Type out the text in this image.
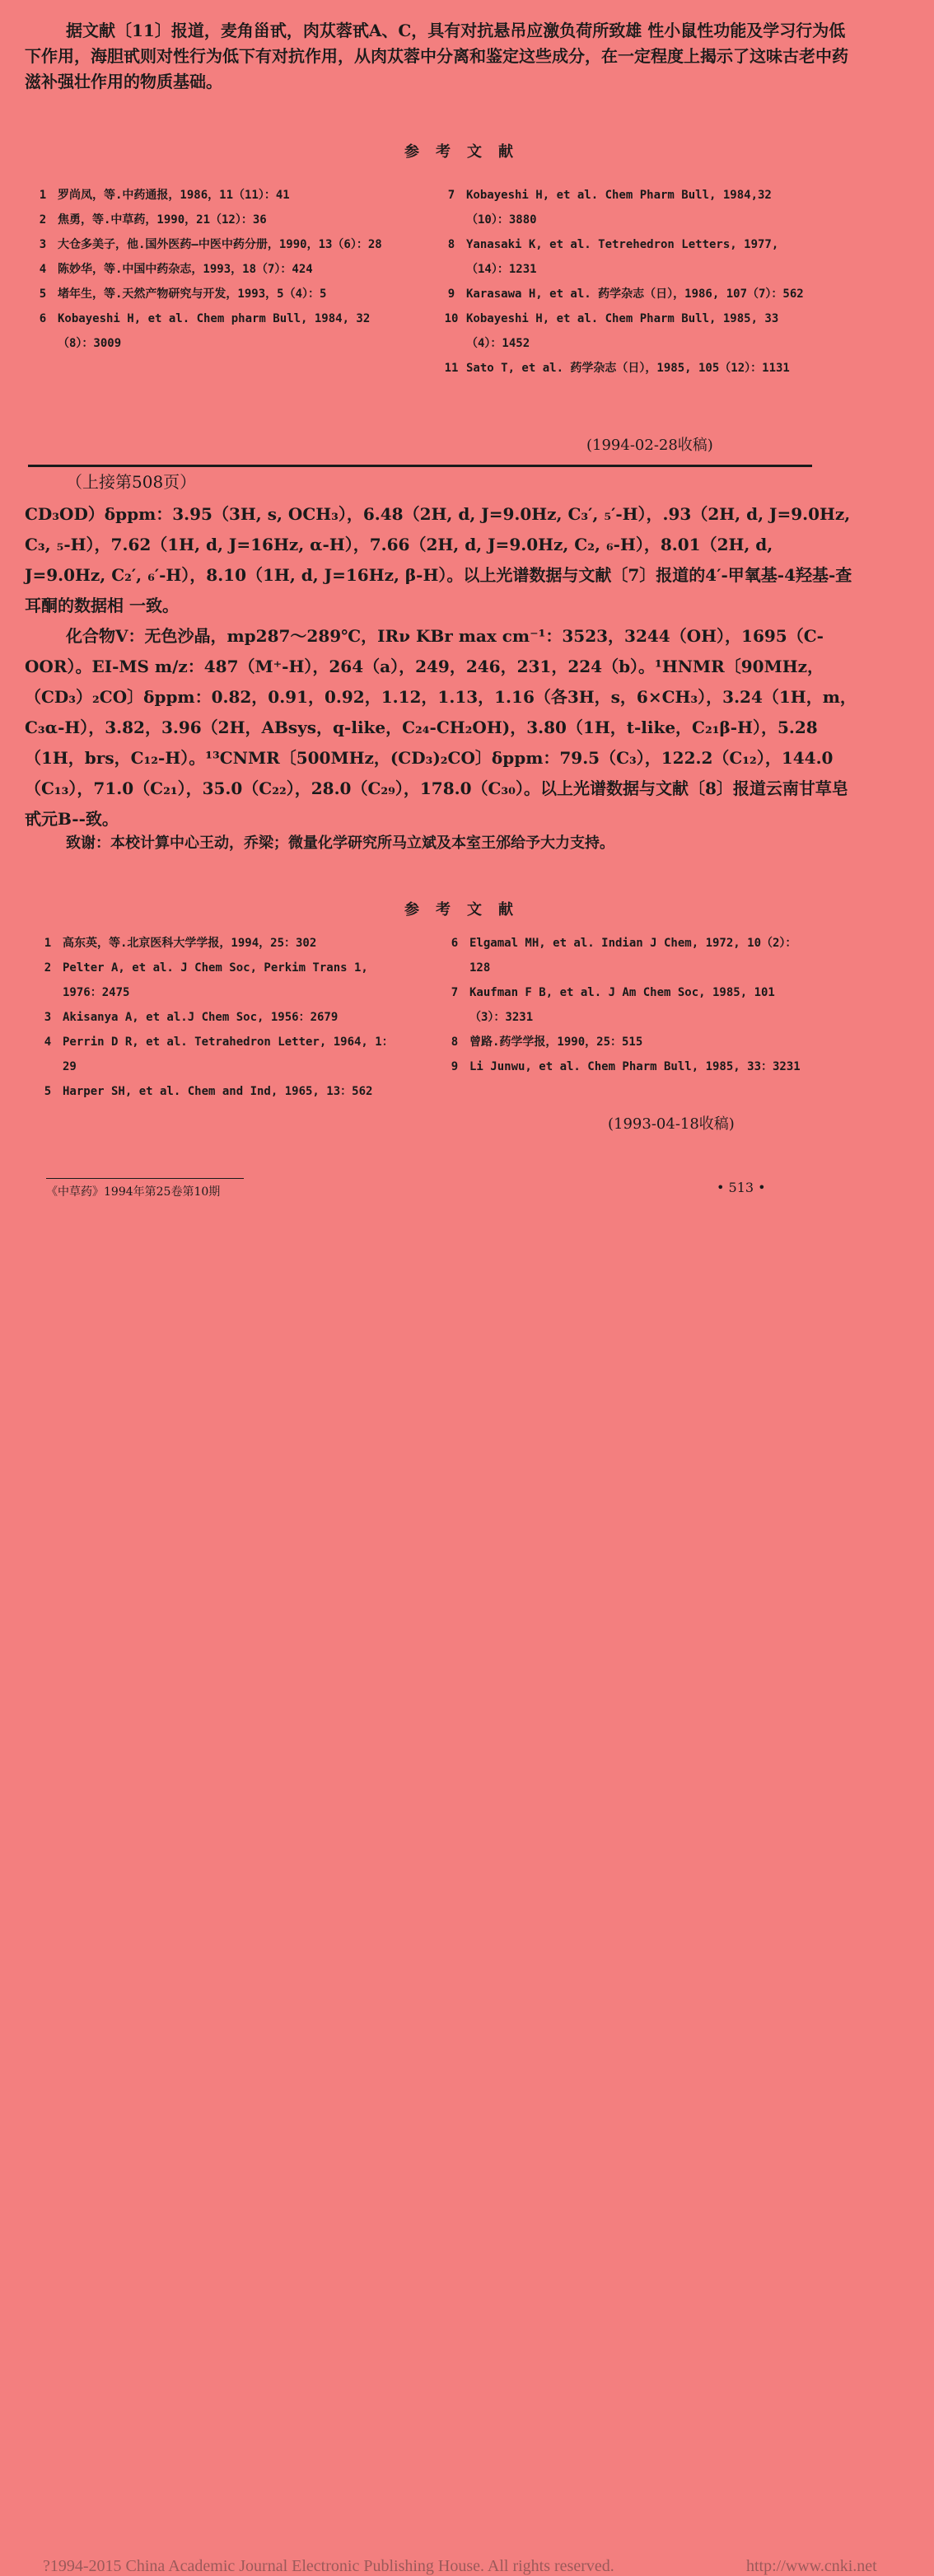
据文献〔11〕报道，麦角甾甙，肉苁蓉甙A、C，具有对抗悬吊应激负荷所致雄 性小鼠性功能及学习行为低下作用，海胆甙则对性行为低下有对抗作用，从肉苁蓉中分离和鉴定这些成分，在一定程度上揭示了这味古老中药滋补强壮作用的物质基础。
参考文献
1 罗尚凤，等.中药通报，1986，11（11）：41
2 焦勇，等.中草药，1990，21（12）：36
3 大仓多美子，他.国外医药—中医中药分册，1990，13（6）：28
4 陈妙华，等.中国中药杂志，1993，18（7）：424
5 堵年生，等.天然产物研究与开发，1993，5（4）：5
6 Kobayeshi H, et al. Chem pharm Bull, 1984, 32（8）：3009
7 Kobayeshi H, et al. Chem Pharm Bull, 1984,32（10）：3880
8 Yanasaki K, et al. Tetrehedron Letters, 1977, （14）：1231
9 Karasawa H, et al. 药学杂志（日），1986, 107（7）：562
10 Kobayeshi H, et al. Chem Pharm Bull, 1985, 33（4）：1452
11 Sato T, et al. 药学杂志（日），1985, 105（12）：1131
(1994-02-28收稿)
（上接第508页）
CD₃OD）δppm：3.95（3H, s, OCH₃），6.48（2H, d, J=9.0Hz, C₃′, ₅′-H），.93（2H, d, J=9.0Hz, C₃, ₅-H），7.62（1H, d, J=16Hz, α-H），7.66（2H, d, J=9.0Hz, C₂, ₆-H），8.01（2H, d, J=9.0Hz, C₂′, ₆′-H），8.10（1H, d, J=16Hz, β-H）。以上光谱数据与文献〔7〕报道的4′-甲氧基-4羟基-查耳酮的数据相 一致。
化合物Ⅴ：无色沙晶，mp287～289℃，IRν KBr max cm⁻¹：3523，3244（OH），1695（C-OOR）。EI-MS m/z：487（M⁺-H），264（a），249，246，231，224（b）。¹HNMR〔90MHz，（CD₃）₂CO〕δppm：0.82，0.91，0.92，1.12，1.13，1.16（各3H，s，6×CH₃），3.24（1H，m，C₃α-H），3.82，3.96（2H，ABsys，q-like，C₂₄-CH₂OH)，3.80（1H，t-like，C₂₁β-H），5.28（1H，brs，C₁₂-H）。¹³CNMR〔500MHz，(CD₃)₂CO〕δppm：79.5（C₃），122.2（C₁₂），144.0（C₁₃），71.0（C₂₁），35.0（C₂₂），28.0（C₂₉），178.0（C₃₀）。以上光谱数据与文献〔8〕报道云南甘草皂甙元B--致。
致谢：本校计算中心王动，乔梁；微量化学研究所马立斌及本室王邠给予大力支持。
参考文献
1 高东英，等.北京医科大学学报，1994，25：302
2 Pelter A, et al. J Chem Soc, Perkim Trans 1, 1976：2475
3 Akisanya A, et al.J Chem Soc, 1956：2679
4 Perrin D R, et al. Tetrahedron Letter, 1964, 1：29
5 Harper SH, et al. Chem and Ind, 1965, 13：562
6 Elgamal MH, et al. Indian J Chem, 1972, 10（2）：128
7 Kaufman F B, et al. J Am Chem Soc, 1985, 101（3）：3231
8 曾路.药学学报，1990，25：515
9 Li Junwu, et al. Chem Pharm Bull, 1985, 33：3231
(1993-04-18收稿)
《中草药》1994年第25卷第10期	• 513 •
?1994-2015 China Academic Journal Electronic Publishing House. All rights reserved.	http://www.cnki.net
